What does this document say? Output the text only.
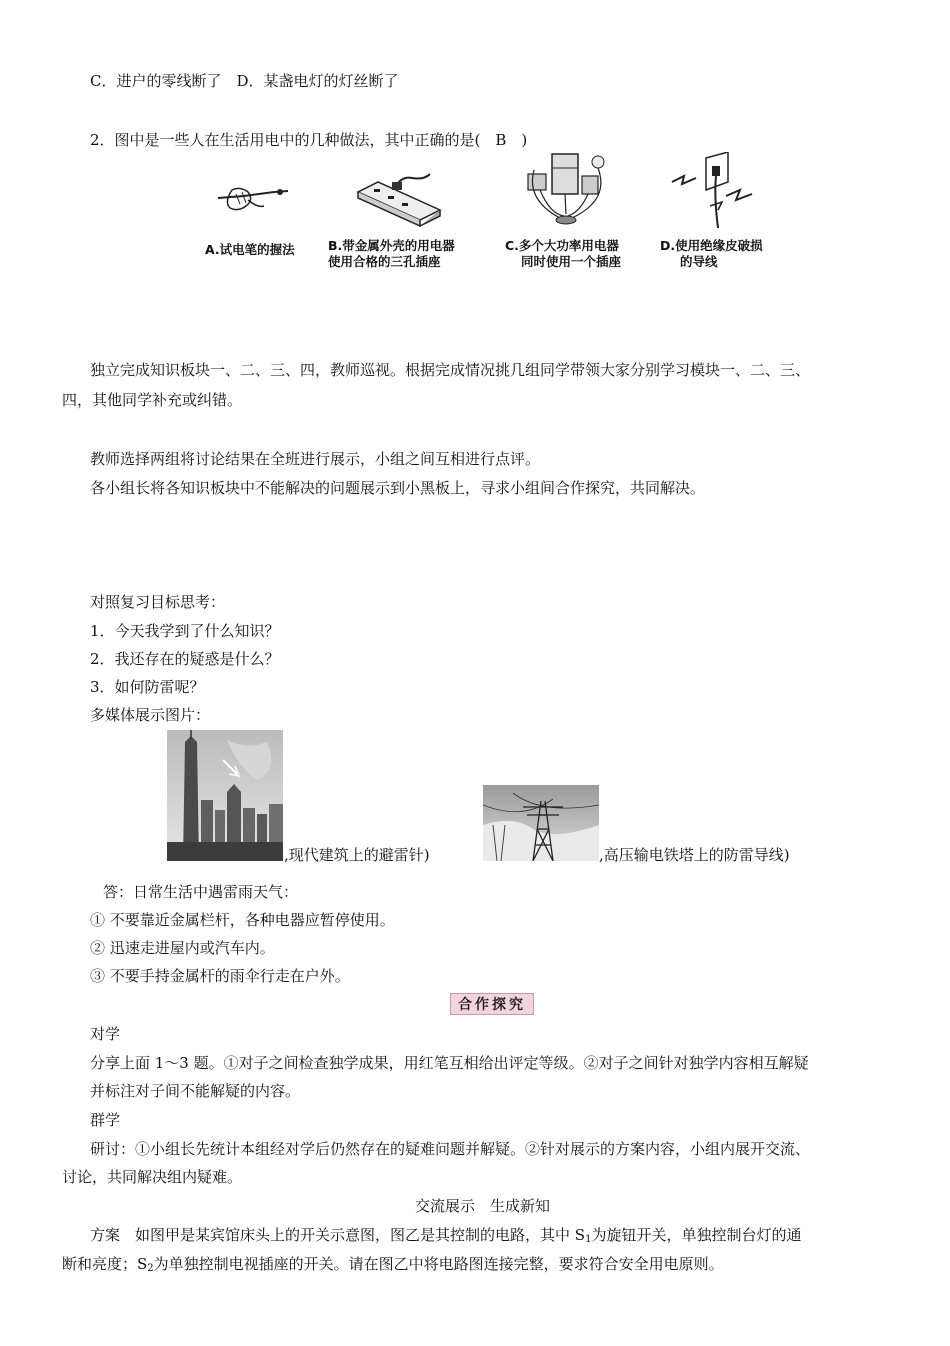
C．进户的零线断了　D．某盏电灯的灯丝断了
2．图中是一些人在生活用电中的几种做法，其中正确的是(　B　)
A.试电笔的握法	B.带金属外壳的用电器
使用合格的三孔插座
C.多个大功率用电器
同时使用一个插座
D.使用绝缘皮破损
的导线
独立完成知识板块一、二、三、四，教师巡视。根据完成情况挑几组同学带领大家分别学习模块一、二、三、
四，其他同学补充或纠错。
教师选择两组将讨论结果在全班进行展示，小组之间互相进行点评。
各小组长将各知识板块中不能解决的问题展示到小黑板上，寻求小组间合作探究，共同解决。
对照复习目标思考：
1．今天我学到了什么知识？
2．我还存在的疑惑是什么？
3．如何防雷呢？
多媒体展示图片：
,现代建筑上的避雷针)	,高压输电铁塔上的防雷导线)
答：日常生活中遇雷雨天气：
① 不要靠近金属栏杆，各种电器应暂停使用。
② 迅速走进屋内或汽车内。
③ 不要手持金属杆的雨伞行走在户外。
合作探究
对学
分享上面 1～3 题。①对子之间检查独学成果，用红笔互相给出评定等级。②对子之间针对独学内容相互解疑
并标注对子间不能解疑的内容。
群学
研讨：①小组长先统计本组经对学后仍然存在的疑难问题并解疑。②针对展示的方案内容，小组内展开交流、
讨论，共同解决组内疑难。
交流展示　生成新知
方案　如图甲是某宾馆床头上的开关示意图，图乙是其控制的电路，其中 $S_1$为旋钮开关，单独控制台灯的通
断和亮度；$S_2$为单独控制电视插座的开关。请在图乙中将电路图连接完整，要求符合安全用电原则。
